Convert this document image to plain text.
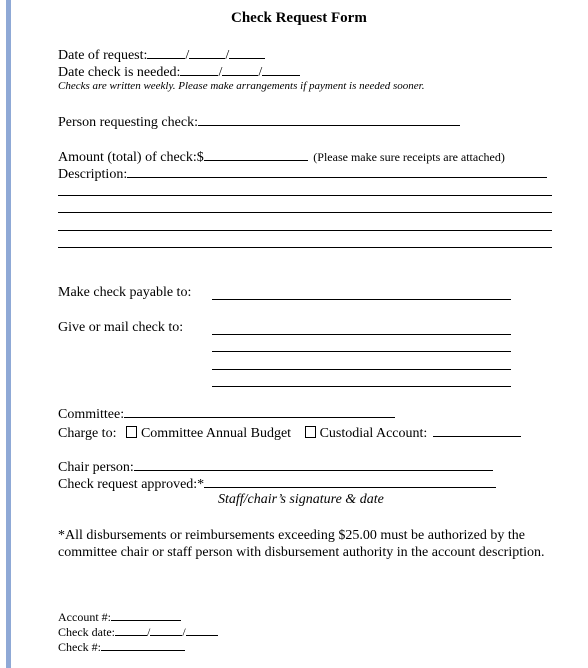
Check Request Form
Date of request:	/	/
Date check is needed:	/	/
Checks are written weekly. Please make arrangements if payment is needed sooner.
Person requesting check:
Amount (total) of check:$	(Please make sure receipts are attached)
Description:
Make check payable to:
Give or mail check to:
Committee:
Charge to: Committee Annual Budget Custodial Account:
Chair person:
Check request approved:*
Staff/chair’s signature & date
*All disbursements or reimbursements exceeding $25.00 must be authorized by the committee chair or staff person with disbursement authority in the account description.
Account #:
Check date:	/	/
Check #:
